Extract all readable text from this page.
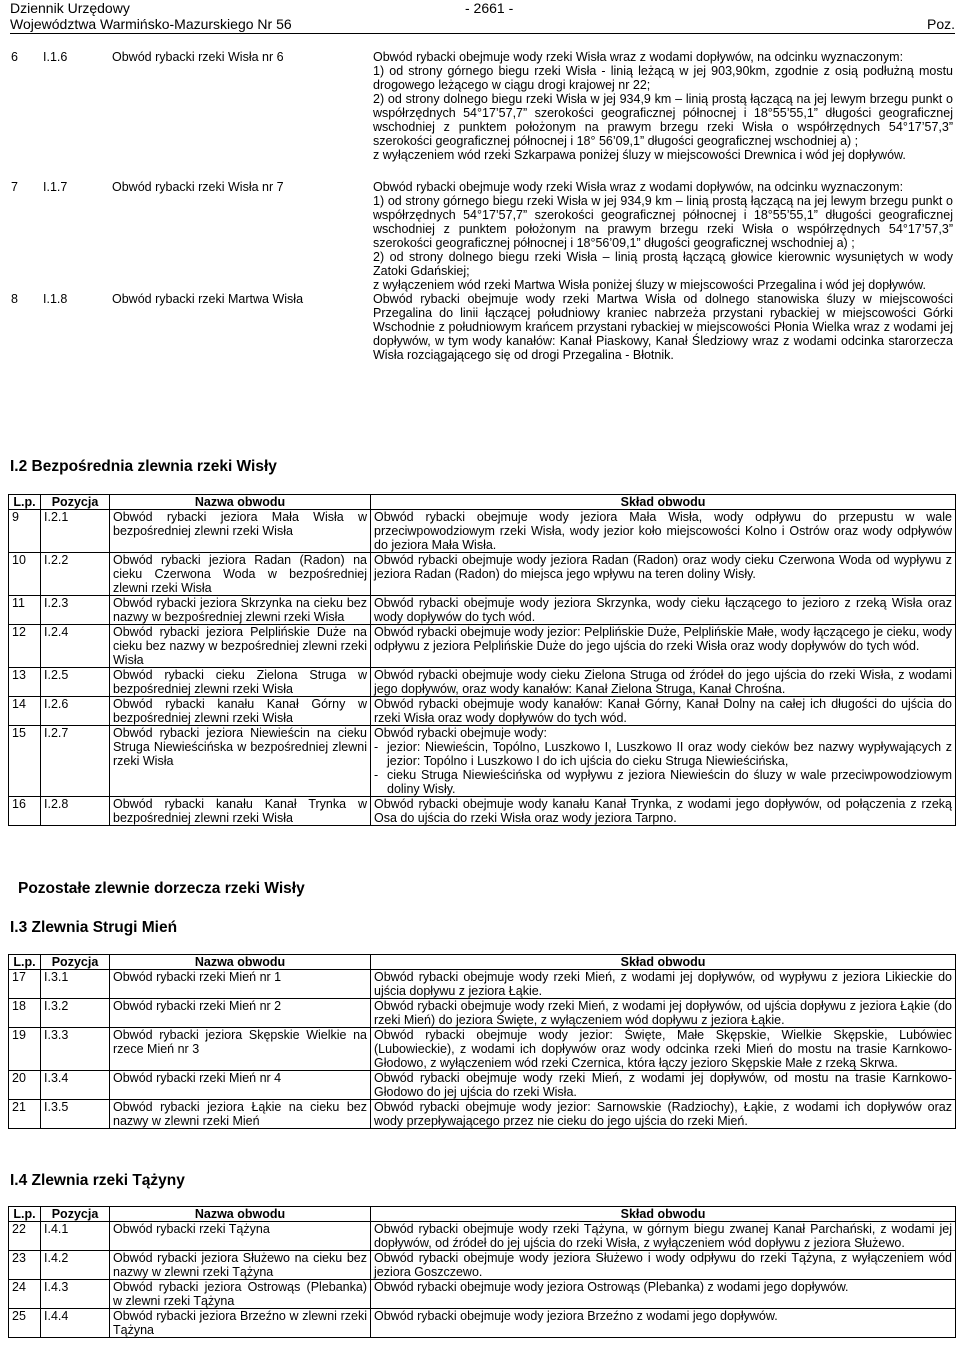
Dziennik Urzędowy
Województwa Warmińsko-Mazurskiego Nr 56
- 2661 -
Poz.
6	I.1.6	Obwód rybacki rzeki Wisła nr 6	Obwód rybacki obejmuje wody rzeki Wisła wraz z wodami dopływów, na odcinku wyznaczonym:
1) od strony górnego biegu rzeki Wisła - linią leżącą w jej 903,90km, zgodnie z osią podłużną mostu drogowego leżącego w ciągu drogi krajowej nr 22;
2) od strony dolnego biegu rzeki Wisła w jej 934,9 km – linią prostą łączącą na jej lewym brzegu punkt o współrzędnych 54°17’57,7” szerokości geograficznej północnej i 18°55’55,1” długości geograficznej wschodniej z punktem położonym na prawym brzegu rzeki Wisła o współrzędnych 54°17’57,3” szerokości geograficznej północnej i 18° 56’09,1” długości geograficznej wschodniej a) ;
z wyłączeniem wód rzeki Szkarpawa poniżej śluzy w miejscowości Drewnica i wód jej dopływów.

7	I.1.7	Obwód rybacki rzeki Wisła nr 7	Obwód rybacki obejmuje wody rzeki Wisła wraz z wodami dopływów, na odcinku wyznaczonym:
1) od strony górnego biegu rzeki Wisła w jej 934,9 km – linią prostą łączącą na jej lewym brzegu punkt o współrzędnych 54°17’57,7” szerokości geograficznej północnej i 18°55’55,1” długości geograficznej wschodniej z punktem położonym na prawym brzegu rzeki Wisła o współrzędnych 54°17’57,3” szerokości geograficznej północnej i 18°56’09,1” długości geograficznej wschodniej a) ;
2) od strony dolnego biegu rzeki Wisła – linią prostą łączącą głowice kierownic wysuniętych w wody Zatoki Gdańskiej;
z wyłączeniem wód rzeki Martwa Wisła poniżej śluzy w miejscowości Przegalina i wód jej dopływów.

8	I.1.8	Obwód rybacki rzeki Martwa Wisła	Obwód rybacki obejmuje wody rzeki Martwa Wisła od dolnego stanowiska śluzy w miejscowości Przegalina do linii łączącej południowy kraniec nabrzeża przystani rybackiej w miejscowości Górki Wschodnie z południowym krańcem przystani rybackiej w miejscowości Płonia Wielka wraz z wodami jej dopływów, w tym wody kanałów: Kanał Piaskowy, Kanał Śledziowy wraz z wodami odcinka starorzecza Wisła rozciągającego się od drogi Przegalina - Błotnik.
I.2 Bezpośrednia zlewnia rzeki Wisły
L.p.	Pozycja	Nazwa obwodu	Skład obwodu
9	I.2.1	Obwód rybacki jeziora Mała Wisła w bezpośredniej zlewni rzeki Wisła	Obwód rybacki obejmuje wody jeziora Mała Wisła, wody odpływu do przepustu w wale przeciwpowodziowym rzeki Wisła, wody jezior koło miejscowości Kolno i Ostrów oraz wody odpływów do jeziora Mała Wisła.
10	I.2.2	Obwód rybacki jeziora Radan (Radon) na cieku Czerwona Woda w bezpośredniej zlewni rzeki Wisła	Obwód rybacki obejmuje wody jeziora Radan (Radon) oraz wody cieku Czerwona Woda od wypływu z jeziora Radan (Radon) do miejsca jego wpływu na teren doliny Wisły.
11	I.2.3	Obwód rybacki jeziora Skrzynka na cieku bez nazwy w bezpośredniej zlewni rzeki Wisła	Obwód rybacki obejmuje wody jeziora Skrzynka, wody cieku łączącego to jezioro z rzeką Wisła oraz wody dopływów do tych wód.
12	I.2.4	Obwód rybacki jeziora Pelplińskie Duże na cieku bez nazwy w bezpośredniej zlewni rzeki Wisła	Obwód rybacki obejmuje wody jezior: Pelplińskie Duże, Pelplińskie Małe, wody łączącego je cieku, wody odpływu z jeziora Pelplińskie Duże do jego ujścia do rzeki Wisła oraz wody dopływów do tych wód.
13	I.2.5	Obwód rybacki cieku Zielona Struga w bezpośredniej zlewni rzeki Wisła	Obwód rybacki obejmuje wody cieku Zielona Struga od źródeł do jego ujścia do rzeki Wisła, z wodami jego dopływów, oraz wody kanałów: Kanał Zielona Struga, Kanał Chrośna.
14	I.2.6	Obwód rybacki kanału Kanał Górny w bezpośredniej zlewni rzeki Wisła	Obwód rybacki obejmuje wody kanałów: Kanał Górny, Kanał Dolny na całej ich długości do ujścia do rzeki Wisła oraz wody dopływów do tych wód.
15	I.2.7	Obwód rybacki jeziora Niewieścin na cieku Struga Niewieścińska w bezpośredniej zlewni rzeki Wisła	Obwód rybacki obejmuje wody:
- jezior: Niewieścin, Topólno, Luszkowo I, Luszkowo II oraz wody cieków bez nazwy wypływających z jezior: Topólno i Luszkowo I do ich ujścia do cieku Struga Niewieścińska,
- cieku Struga Niewieścińska od wypływu z jeziora Niewieścin do śluzy w wale przeciwpowodziowym doliny Wisły.

16	I.2.8	Obwód rybacki kanału Kanał Trynka w bezpośredniej zlewni rzeki Wisła	Obwód rybacki obejmuje wody kanału Kanał Trynka, z wodami jego dopływów, od połączenia z rzeką Osa do ujścia do rzeki Wisła oraz wody jeziora Tarpno.
Pozostałe zlewnie dorzecza rzeki Wisły
I.3 Zlewnia Strugi Mień
L.p.	Pozycja	Nazwa obwodu	Skład obwodu
17	I.3.1	Obwód rybacki rzeki Mień nr 1	Obwód rybacki obejmuje wody rzeki Mień, z wodami jej dopływów, od wypływu z jeziora Likieckie do ujścia dopływu z jeziora Łąkie.
18	I.3.2	Obwód rybacki rzeki Mień nr 2	Obwód rybacki obejmuje wody rzeki Mień, z wodami jej dopływów, od ujścia dopływu z jeziora Łąkie (do rzeki Mień) do jeziora Święte, z wyłączeniem wód dopływu z jeziora Łąkie.
19	I.3.3	Obwód rybacki jeziora Skępskie Wielkie na rzece Mień nr 3	Obwód rybacki obejmuje wody jezior: Święte, Małe Skępskie, Wielkie Skępskie, Lubówiec (Lubowieckie), z wodami ich dopływów oraz wody odcinka rzeki Mień do mostu na trasie Karnkowo-Głodowo, z wyłączeniem wód rzeki Czernica, która łączy jezioro Skępskie Małe z rzeką Skrwa.
20	I.3.4	Obwód rybacki rzeki Mień nr 4	Obwód rybacki obejmuje wody rzeki Mień, z wodami jej dopływów, od mostu na trasie Karnkowo-Głodowo do jej ujścia do rzeki Wisła.
21	I.3.5	Obwód rybacki jeziora Łąkie na cieku bez nazwy w zlewni rzeki Mień	Obwód rybacki obejmuje wody jezior: Sarnowskie (Radziochy), Łąkie, z wodami ich dopływów oraz wody przepływającego przez nie cieku do jego ujścia do rzeki Mień.
I.4 Zlewnia rzeki Tążyny
L.p.	Pozycja	Nazwa obwodu	Skład obwodu
22	I.4.1	Obwód rybacki rzeki Tążyna	Obwód rybacki obejmuje wody rzeki Tążyna, w górnym biegu zwanej Kanał Parchański, z wodami jej dopływów, od źródeł do jej ujścia do rzeki Wisła, z wyłączeniem wód dopływu z jeziora Służewo.
23	I.4.2	Obwód rybacki jeziora Służewo na cieku bez nazwy w zlewni rzeki Tążyna	Obwód rybacki obejmuje wody jeziora Służewo i wody odpływu do rzeki Tążyna, z wyłączeniem wód jeziora Goszczewo.
24	I.4.3	Obwód rybacki jeziora Ostrowąs (Plebanka) w zlewni rzeki Tążyna	Obwód rybacki obejmuje wody jeziora Ostrowąs (Plebanka) z wodami jego dopływów.
25	I.4.4	Obwód rybacki jeziora Brzeźno w zlewni rzeki Tążyna	Obwód rybacki obejmuje wody jeziora Brzeźno z wodami jego dopływów.
